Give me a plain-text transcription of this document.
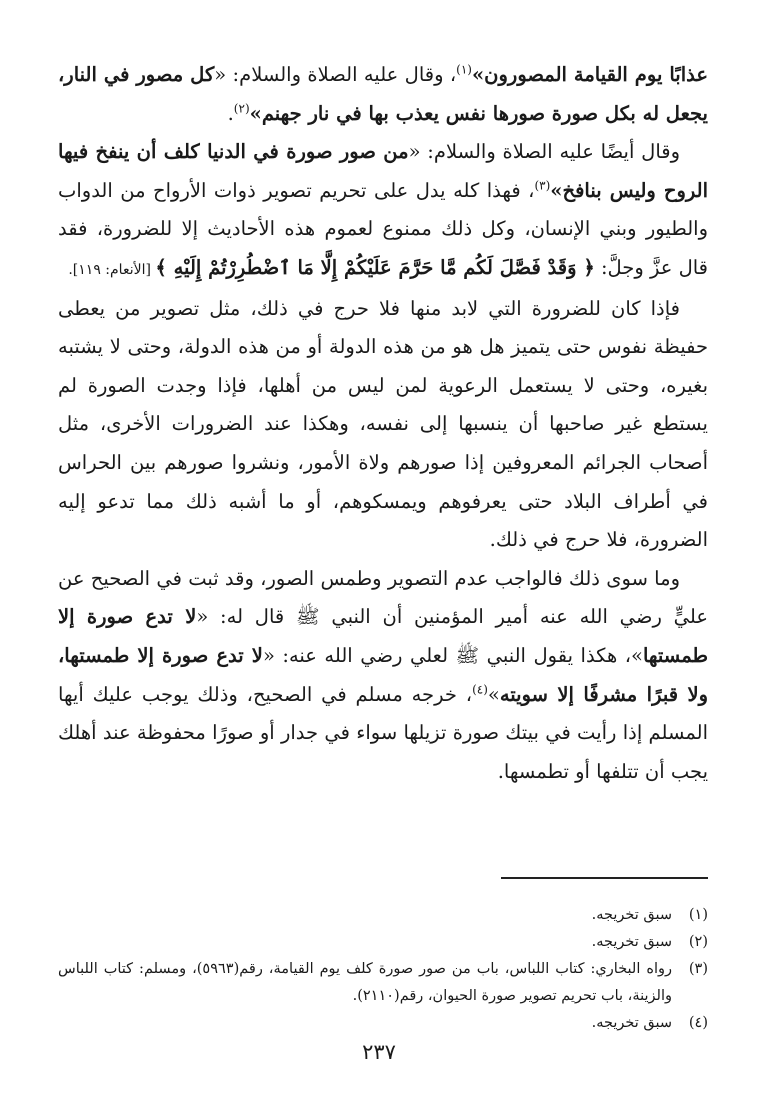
عذابًا يوم القيامة المصورون»$^{(١)}$، وقال عليه الصلاة والسلام: «كل مصور في النار، يجعل له بكل صورة صورها نفس يعذب بها في نار جهنم»$^{(٢)}$.

وقال أيضًا عليه الصلاة والسلام: «من صور صورة في الدنيا كلف أن ينفخ فيها الروح وليس بنافخ»$^{(٣)}$، فهذا كله يدل على تحريم تصوير ذوات الأرواح من الدواب والطيور وبني الإنسان، وكل ذلك ممنوع لعموم هذه الأحاديث إلا للضرورة، فقد قال عزَّ وجلَّ: ﴿ وَقَدْ فَصَّلَ لَكُم مَّا حَرَّمَ عَلَيْكُمْ إِلَّا مَا ٱضْطُرِرْتُمْ إِلَيْهِ ﴾ [الأنعام: ١١٩].

فإذا كان للضرورة التي لابد منها فلا حرج في ذلك، مثل تصوير من يعطى حفيظة نفوس حتى يتميز هل هو من هذه الدولة أو من هذه الدولة، وحتى لا يشتبه بغيره، وحتى لا يستعمل الرعوية لمن ليس من أهلها، فإذا وجدت الصورة لم يستطع غير صاحبها أن ينسبها إلى نفسه، وهكذا عند الضرورات الأخرى، مثل أصحاب الجرائم المعروفين إذا صورهم ولاة الأمور، ونشروا صورهم بين الحراس في أطراف البلاد حتى يعرفوهم ويمسكوهم، أو ما أشبه ذلك مما تدعو إليه الضرورة، فلا حرج في ذلك.

وما سوى ذلك فالواجب عدم التصوير وطمس الصور، وقد ثبت في الصحيح عن عليٍّ رضي الله عنه أمير المؤمنين أن النبي ﷺ قال له: «لا تدع صورة إلا طمستها»، هكذا يقول النبي ﷺ لعلي رضي الله عنه: «لا تدع صورة إلا طمستها، ولا قبرًا مشرفًا إلا سويته»$^{(٤)}$، خرجه مسلم في الصحيح، وذلك يوجب عليك أيها المسلم إذا رأيت في بيتك صورة تزيلها سواء في جدار أو صورًا محفوظة عند أهلك يجب أن تتلفها أو تطمسها.

(١)
سبق تخريجه.
(٢)
سبق تخريجه.
(٣)
رواه البخاري: كتاب اللباس، باب من صور صورة كلف يوم القيامة، رقم(٥٩٦٣)، ومسلم: كتاب اللباس والزينة، باب تحريم تصوير صورة الحيوان، رقم(٢١١٠).
(٤)
سبق تخريجه.
٢٣٧
